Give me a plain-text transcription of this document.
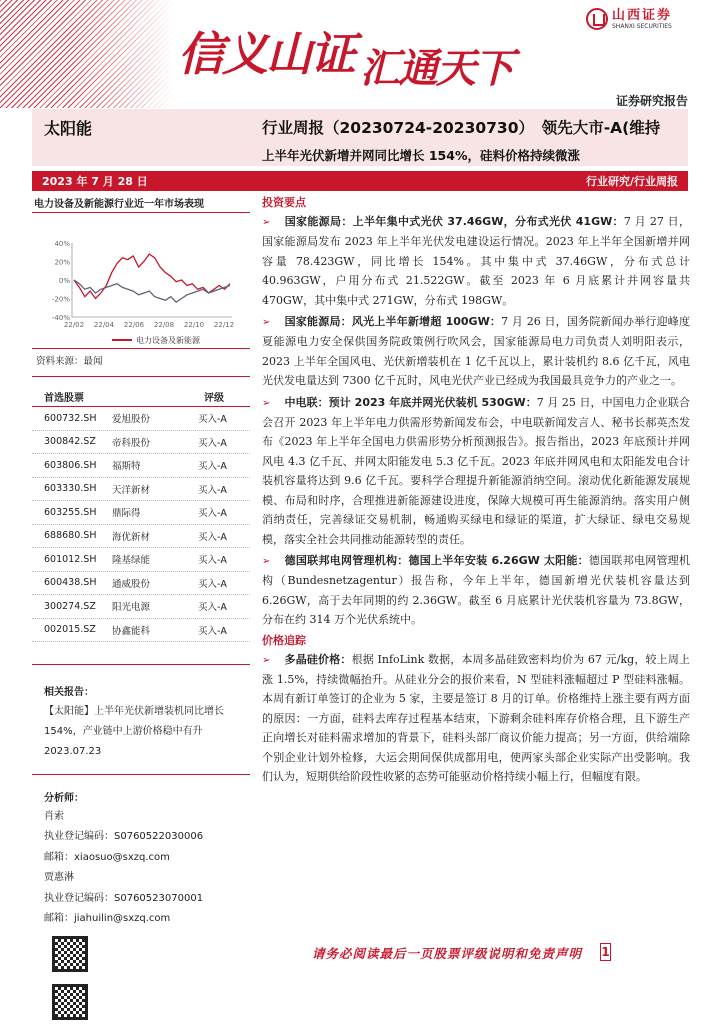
信义山证 汇通天下
山西证券
SHANXI SECURITIES
证券研究报告
太阳能	行业周报（20230724-20230730）　领先大市-A(维持
上半年光伏新增并网同比增长 154%，硅料价格持续微涨
2023 年 7 月 28 日	行业研究/行业周报
电力设备及新能源行业近一年市场表现
40%
20%
0%
-20%
-40%
22/02 22/04 22/06 22/08 22/10 22/12
电力设备及新能源
资料来源：最闻
首选股票	评级
600732.SH	爱旭股份	买入-A
300842.SZ	帝科股份	买入-A
603806.SH	福斯特	买入-A
603330.SH	天洋新材	买入-A
603255.SH	鼎际得	买入-A
688680.SH	海优新材	买入-A
601012.SH	隆基绿能	买入-A
600438.SH	通威股份	买入-A
300274.SZ	阳光电源	买入-A
002015.SZ	协鑫能科	买入-A
相关报告：
【太阳能】上半年光伏新增装机同比增长 154%，产业链中上游价格稳中有升
2023.07.23
分析师：
肖索
执业登记编码：S0760522030006
邮箱：xiaosuo@sxzq.com
贾惠淋
执业登记编码：S0760523070001
邮箱：jiahuilin@sxzq.com
投资要点

➢ 国家能源局：上半年集中式光伏 37.46GW，分布式光伏 41GW：7 月 27 日，国家能源局发布 2023 年上半年光伏发电建设运行情况。2023 年上半年全国新增并网容量 78.423GW，同比增长 154%。其中集中式 37.46GW，分布式总计 40.963GW，户用分布式 21.522GW。截至 2023 年 6 月底累计并网容量共 470GW，其中集中式 271GW，分布式 198GW。

➢ 国家能源局：风光上半年新增超 100GW：7 月 26 日，国务院新闻办举行迎峰度夏能源电力安全保供国务院政策例行吹风会，国家能源局电力司负责人刘明阳表示，2023 上半年全国风电、光伏新增装机在 1 亿千瓦以上，累计装机约 8.6 亿千瓦，风电光伏发电量达到 7300 亿千瓦时，风电光伏产业已经成为我国最具竞争力的产业之一。

➢ 中电联：预计 2023 年底并网光伏装机 530GW：7 月 25 日，中国电力企业联合会召开 2023 年上半年电力供需形势新闻发布会，中电联新闻发言人、秘书长郝英杰发布《2023 年上半年全国电力供需形势分析预测报告》。报告指出，2023 年底预计并网风电 4.3 亿千瓦、并网太阳能发电 5.3 亿千瓦。2023 年底并网风电和太阳能发电合计装机容量将达到 9.6 亿千瓦。要科学合理提升新能源消纳空间。滚动优化新能源发展规模、布局和时序，合理推进新能源建设进度，保障大规模可再生能源消纳。落实用户侧消纳责任，完善绿证交易机制，畅通购买绿电和绿证的渠道，扩大绿证、绿电交易规模，落实全社会共同推动能源转型的责任。

➢ 德国联邦电网管理机构：德国上半年安装 6.26GW 太阳能：德国联邦电网管理机构（Bundesnetzagentur）报告称，今年上半年，德国新增光伏装机容量达到 6.26GW，高于去年同期的约 2.36GW。截至 6 月底累计光伏装机容量为 73.8GW，分布在约 314 万个光伏系统中。

价格追踪

➢ 多晶硅价格：根据 InfoLink 数据，本周多晶硅致密料均价为 67 元/kg，较上周上涨 1.5%，持续微幅抬升。从硅业分会的报价来看，N 型硅料涨幅超过 P 型硅料涨幅。本周有新订单签订的企业为 5 家，主要是签订 8 月的订单。价格维持上涨主要有两方面的原因：一方面，硅料去库存过程基本结束，下游剩余硅料库存价格合理，且下游生产正向增长对硅料需求增加的背景下，硅料头部厂商议价能力提高；另一方面，供给端除个别企业计划外检修，大运会期间保供成都用电，使两家头部企业实际产出受影响。我们认为，短期供给阶段性收紧的态势可能驱动价格持续小幅上行，但幅度有限。

请务必阅读最后一页股票评级说明和免责声明 1
